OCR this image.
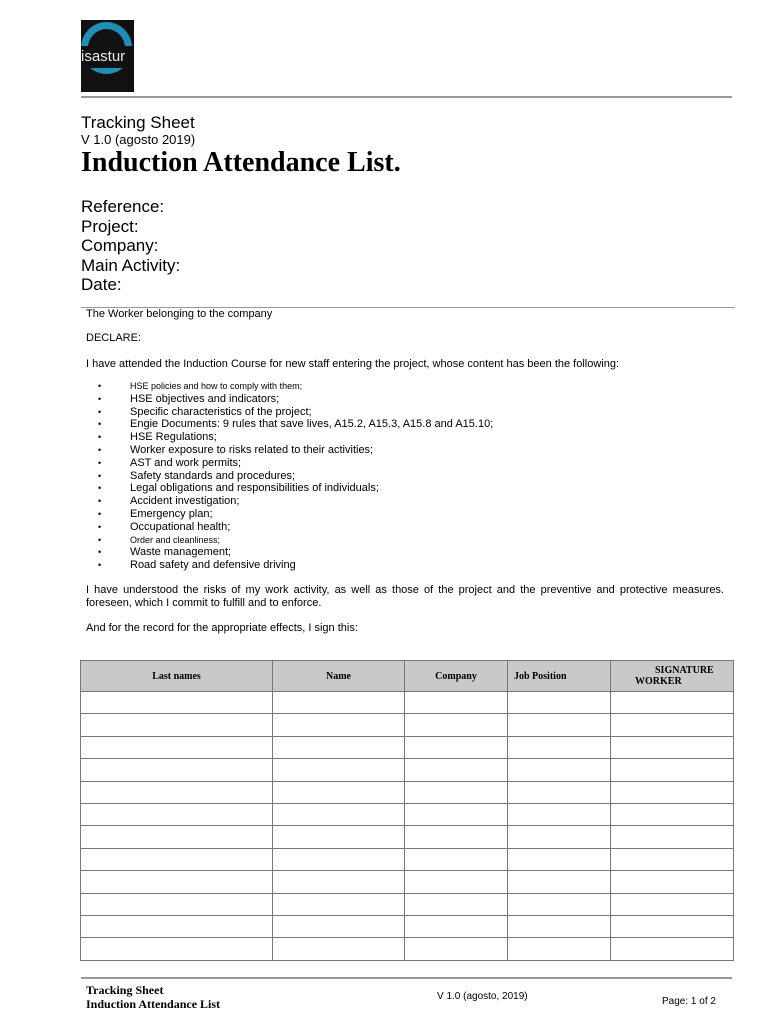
isastur
Tracking Sheet
V 1.0 (agosto 2019)
Induction Attendance List.
Reference:
Project:
Company:
Main Activity:
Date:
The Worker belonging to the company
DECLARE:
I have attended the Induction Course for new staff entering the project, whose content has been the following:
• HSE policies and how to comply with them;
• HSE objectives and indicators;
• Specific characteristics of the project;
• Engie Documents: 9 rules that save lives, A15.2, A15.3, A15.8 and A15.10;
• HSE Regulations;
• Worker exposure to risks related to their activities;
• AST and work permits;
• Safety standards and procedures;
• Legal obligations and responsibilities of individuals;
• Accident investigation;
• Emergency plan;
• Occupational health;
• Order and cleanliness;
• Waste management;
• Road safety and defensive driving
I have understood the risks of my work activity, as well as those of the project and the preventive and protective measures. foreseen, which I commit to fulfill and to enforce.
And for the record for the appropriate effects, I sign this:
Last names	Name	Company	Job Position	SIGNATURE
WORKER

Tracking Sheet
Induction Attendance List
V 1.0 (agosto, 2019)	Page: 1 of 2
